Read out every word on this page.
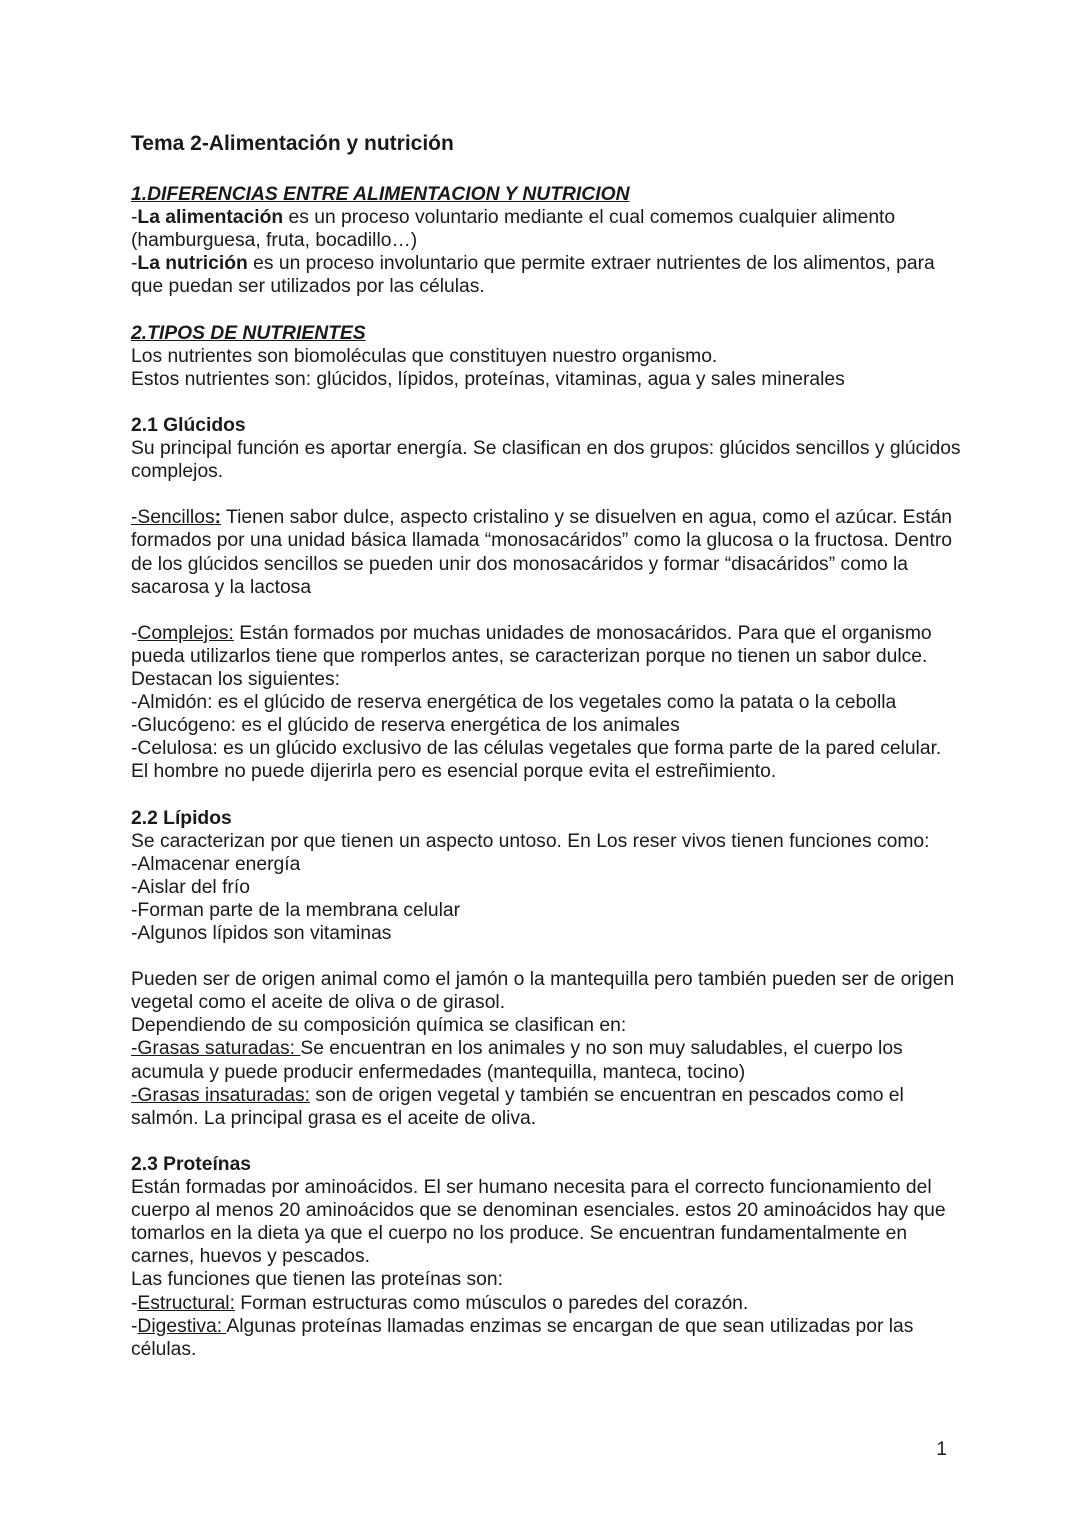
Tema 2-Alimentación y nutrición

1.DIFERENCIAS ENTRE ALIMENTACION Y NUTRICION

-La alimentación es un proceso voluntario mediante el cual comemos cualquier alimento (hamburguesa, fruta, bocadillo…)

-La nutrición es un proceso involuntario que permite extraer nutrientes de los alimentos, para que puedan ser utilizados por las células.

2.TIPOS DE NUTRIENTES

Los nutrientes son biomoléculas que constituyen nuestro organismo.

Estos nutrientes son: glúcidos, lípidos, proteínas, vitaminas, agua y sales minerales

2.1 Glúcidos

Su principal función es aportar energía. Se clasifican en dos grupos: glúcidos sencillos y glúcidos complejos.

-Sencillos: Tienen sabor dulce, aspecto cristalino y se disuelven en agua, como el azúcar. Están formados por una unidad básica llamada “monosacáridos” como la glucosa o la fructosa. Dentro de los glúcidos sencillos se pueden unir dos monosacáridos y formar “disacáridos” como la sacarosa y la lactosa

-Complejos: Están formados por muchas unidades de monosacáridos. Para que el organismo pueda utilizarlos tiene que romperlos antes, se caracterizan porque no tienen un sabor dulce. Destacan los siguientes:

-Almidón: es el glúcido de reserva energética de los vegetales como la patata o la cebolla

-Glucógeno: es el glúcido de reserva energética de los animales

-Celulosa: es un glúcido exclusivo de las células vegetales que forma parte de la pared celular. El hombre no puede dijerirla pero es esencial porque evita el estreñimiento.

2.2 Lípidos

Se caracterizan por que tienen un aspecto untoso. En Los reser vivos tienen funciones como:

-Almacenar energía

-Aislar del frío

-Forman parte de la membrana celular

-Algunos lípidos son vitaminas

Pueden ser de origen animal como el jamón o la mantequilla pero también pueden ser de origen vegetal como el aceite de oliva o de girasol.

Dependiendo de su composición química se clasifican en:

-Grasas saturadas: Se encuentran en los animales y no son muy saludables, el cuerpo los acumula y puede producir enfermedades (mantequilla, manteca, tocino)

-Grasas insaturadas: son de origen vegetal y también se encuentran en pescados como el salmón. La principal grasa es el aceite de oliva.

2.3 Proteínas

Están formadas por aminoácidos. El ser humano necesita para el correcto funcionamiento del cuerpo al menos 20 aminoácidos que se denominan esenciales. estos 20 aminoácidos hay que tomarlos en la dieta ya que el cuerpo no los produce. Se encuentran fundamentalmente en carnes, huevos y pescados.

Las funciones que tienen las proteínas son:

-Estructural: Forman estructuras como músculos o paredes del corazón.

-Digestiva: Algunas proteínas llamadas enzimas se encargan de que sean utilizadas por las células.

1
